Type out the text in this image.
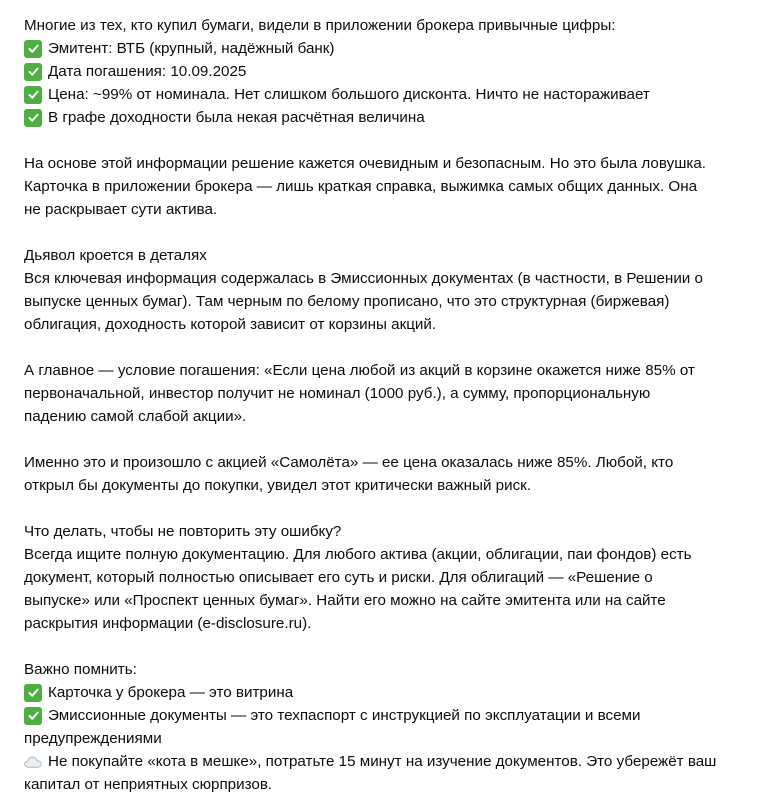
Многие из тех, кто купил бумаги, видели в приложении брокера привычные цифры:
Эмитент: ВТБ (крупный, надёжный банк)
Дата погашения: 10.09.2025
Цена: ~99% от номинала. Нет слишком большого дисконта. Ничто не настораживает
В графе доходности была некая расчётная величина
На основе этой информации решение кажется очевидным и безопасным. Но это была ловушка.
Карточка в приложении брокера — лишь краткая справка, выжимка самых общих данных. Она
не раскрывает сути актива.
Дьявол кроется в деталях
Вся ключевая информация содержалась в Эмиссионных документах (в частности, в Решении о
выпуске ценных бумаг). Там черным по белому прописано, что это структурная (биржевая)
облигация, доходность которой зависит от корзины акций.
А главное — условие погашения: «Если цена любой из акций в корзине окажется ниже 85% от
первоначальной, инвестор получит не номинал (1000 руб.), а сумму, пропорциональную
падению самой слабой акции».
Именно это и произошло с акцией «Самолёта» — ее цена оказалась ниже 85%. Любой, кто
открыл бы документы до покупки, увидел этот критически важный риск.
Что делать, чтобы не повторить эту ошибку?
Всегда ищите полную документацию. Для любого актива (акции, облигации, паи фондов) есть
документ, который полностью описывает его суть и риски. Для облигаций — «Решение о
выпуске» или «Проспект ценных бумаг». Найти его можно на сайте эмитента или на сайте
раскрытия информации (e-disclosure.ru).
Важно помнить:
Карточка у брокера — это витрина
Эмиссионные документы — это техпаспорт с инструкцией по эксплуатации и всеми
предупреждениями
Не покупайте «кота в мешке», потратьте 15 минут на изучение документов. Это убережёт ваш
капитал от неприятных сюрпризов.
